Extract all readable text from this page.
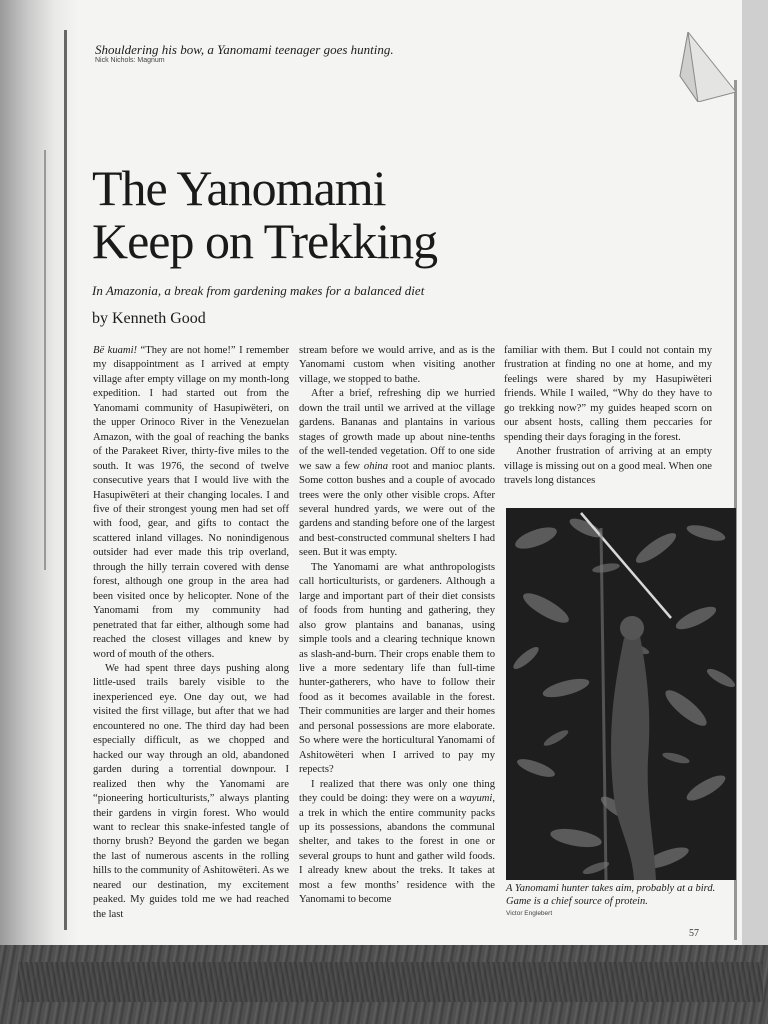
Shouldering his bow, a Yanomami teenager goes hunting.
Nick Nichols: Magnum
The Yanomami
Keep on Trekking
In Amazonia, a break from gardening makes for a balanced diet
by Kenneth Good

Bë kuami! “They are not home!” I remember my disappointment as I arrived at empty village after empty village on my month-long expedition. I had started out from the Yanomami community of Hasupiwëteri, on the upper Orinoco River in the Venezuelan Amazon, with the goal of reaching the banks of the Parakeet River, thirty-five miles to the south. It was 1976, the second of twelve consecutive years that I would live with the Hasupiwëteri at their changing locales. I and five of their strongest young men had set off with food, gear, and gifts to contact the scattered inland villages. No nonindigenous outsider had ever made this trip overland, through the hilly terrain covered with dense forest, although one group in the area had been visited once by helicopter. None of the Yanomami from my community had penetrated that far either, although some had reached the closest villages and knew by word of mouth of the others.

We had spent three days pushing along little-used trails barely visible to the inexperienced eye. One day out, we had visited the first village, but after that we had encountered no one. The third day had been especially difficult, as we chopped and hacked our way through an old, abandoned garden during a torrential downpour. I realized then why the Yanomami are “pioneering horticulturists,” always planting their gardens in virgin forest. Who would want to reclear this snake-infested tangle of thorny brush? Beyond the garden we began the last of numerous ascents in the rolling hills to the community of Ashitowëteri. As we neared our destination, my excitement peaked. My guides told me we had reached the last

stream before we would arrive, and as is the Yanomami custom when visiting another village, we stopped to bathe.

After a brief, refreshing dip we hurried down the trail until we arrived at the village gardens. Bananas and plantains in various stages of growth made up about nine-tenths of the well-tended vegetation. Off to one side we saw a few ohina root and manioc plants. Some cotton bushes and a couple of avocado trees were the only other visible crops. After several hundred yards, we were out of the gardens and standing before one of the largest and best-constructed communal shelters I had seen. But it was empty.

The Yanomami are what anthropologists call horticulturists, or gardeners. Although a large and important part of their diet consists of foods from hunting and gathering, they also grow plantains and bananas, using simple tools and a clearing technique known as slash-and-burn. Their crops enable them to live a more sedentary life than full-time hunter-gatherers, who have to follow their food as it becomes available in the forest. Their communities are larger and their homes and personal possessions are more elaborate. So where were the horticultural Yanomami of Ashitowëteri when I arrived to pay my repects?

I realized that there was only one thing they could be doing: they were on a wayumi, a trek in which the entire community packs up its possessions, abandons the communal shelter, and takes to the forest in one or several groups to hunt and gather wild foods. I already knew about the treks. It takes at most a few months’ residence with the Yanomami to become

familiar with them. But I could not contain my frustration at finding no one at home, and my feelings were shared by my Hasupiwëteri friends. While I wailed, “Why do they have to go trekking now?” my guides heaped scorn on our absent hosts, calling them peccaries for spending their days foraging in the forest.

Another frustration of arriving at an empty village is missing out on a good meal. When one travels long distances

A Yanomami hunter takes aim, probably at a bird. Game is a chief source of protein.
Victor Englebert
57
